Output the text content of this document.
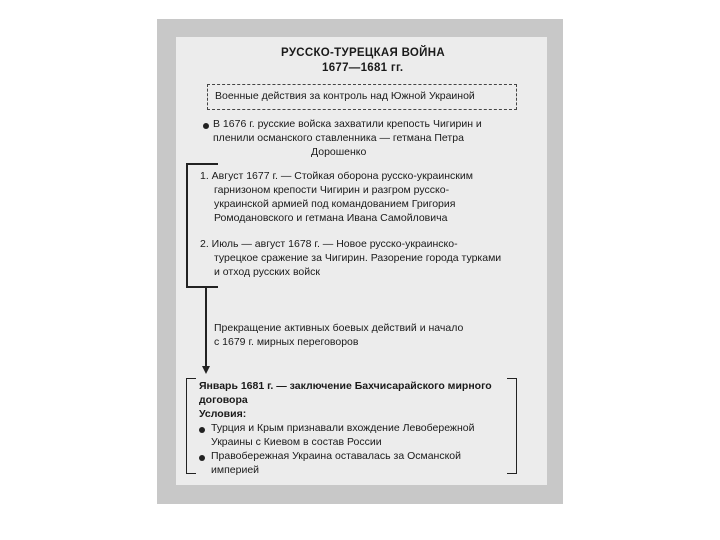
РУССКО-ТУРЕЦКАЯ ВОЙНА
1677—1681 гг.
Военные действия за контроль над Южной Украиной
В 1676 г. русские войска захватили крепость Чигирин и
пленили османского ставленника — гетмана Петра
Дорошенко
1. Август 1677 г. — Стойкая оборона русско-украинским
гарнизоном крепости Чигирин и разгром русско-
украинской армией под командованием Григория
Ромодановского и гетмана Ивана Самойловича
2. Июль — август 1678 г. — Новое русско-украинско-
турецкое сражение за Чигирин. Разорение города турками
и отход русских войск
Прекращение активных боевых действий и начало
с 1679 г. мирных переговоров
Январь 1681 г. — заключение Бахчисарайского мирного
договора
Условия:
Турция и Крым признавали вхождение Левобережной
Украины с Киевом в состав России
Правобережная Украина оставалась за Османской
империей
